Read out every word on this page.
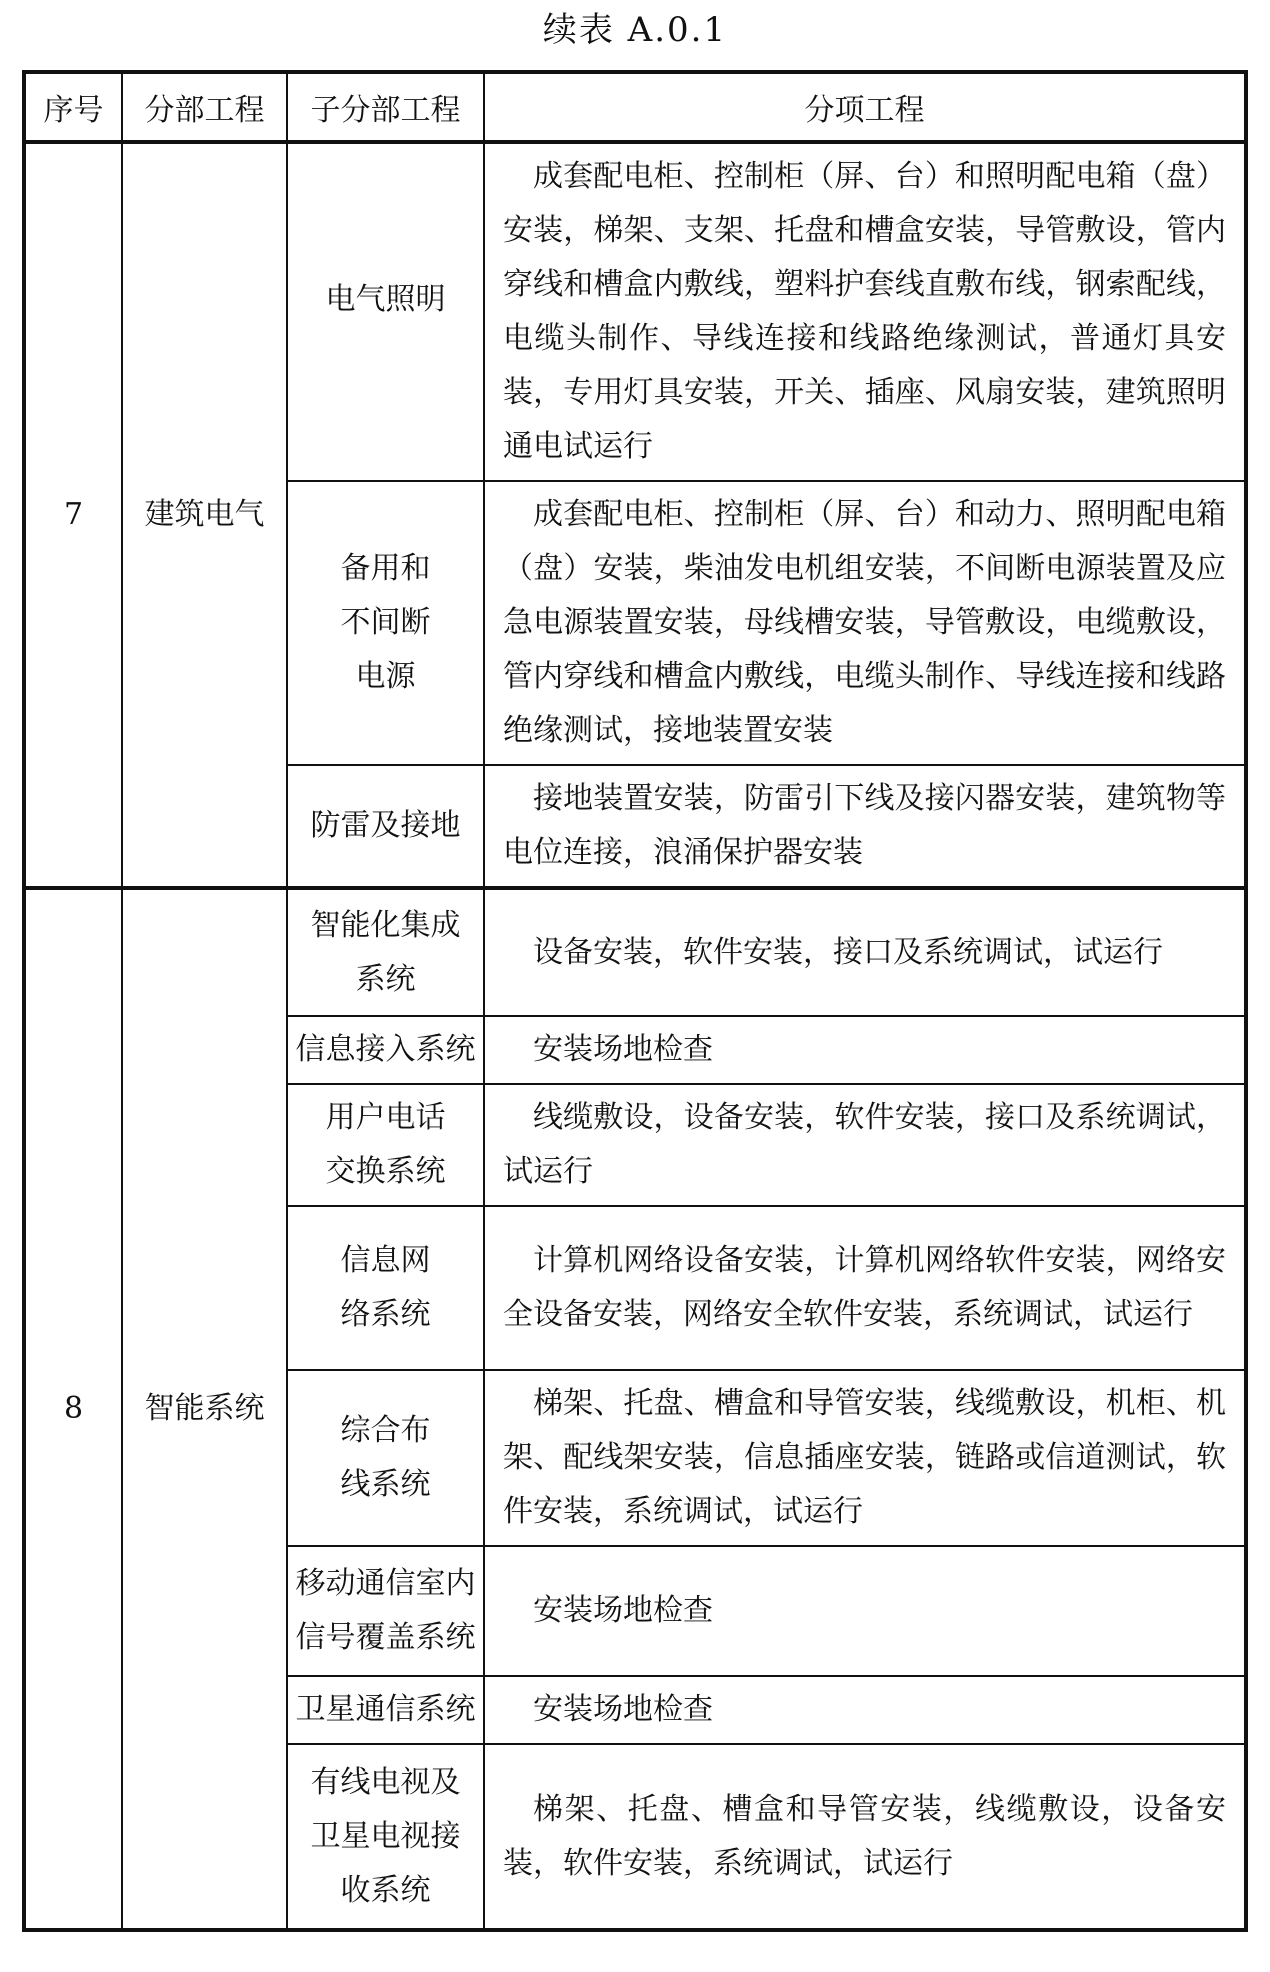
续表 A.0.1
序号	分部工程	子分部工程	分项工程
7	建筑电气	电气照明	成套配电柜、控制柜（屏、台）和照明配电箱（盘）安装，梯架、支架、托盘和槽盒安装，导管敷设，管内穿线和槽盒内敷线，塑料护套线直敷布线，钢索配线，电缆头制作、导线连接和线路绝缘测试，普通灯具安装，专用灯具安装，开关、插座、风扇安装，建筑照明通电试运行

		备用和不间断电源	成套配电柜、控制柜（屏、台）和动力、照明配电箱（盘）安装，柴油发电机组安装，不间断电源装置及应急电源装置安装，母线槽安装，导管敷设，电缆敷设，管内穿线和槽盒内敷线，电缆头制作、导线连接和线路绝缘测试，接地装置安装

		防雷及接地	接地装置安装，防雷引下线及接闪器安装，建筑物等电位连接，浪涌保护器安装

8	智能系统	智能化集成系统	设备安装，软件安装，接口及系统调试，试运行

		信息接入系统	安装场地检查

		用户电话交换系统	线缆敷设，设备安装，软件安装，接口及系统调试，试运行

		信息网络系统	计算机网络设备安装，计算机网络软件安装，网络安全设备安装，网络安全软件安装，系统调试，试运行

		综合布线系统	梯架、托盘、槽盒和导管安装，线缆敷设，机柜、机架、配线架安装，信息插座安装，链路或信道测试，软件安装，系统调试，试运行

		移动通信室内信号覆盖系统	安装场地检查

		卫星通信系统	安装场地检查

		有线电视及卫星电视接收系统	梯架、托盘、槽盒和导管安装，线缆敷设，设备安装，软件安装，系统调试，试运行
